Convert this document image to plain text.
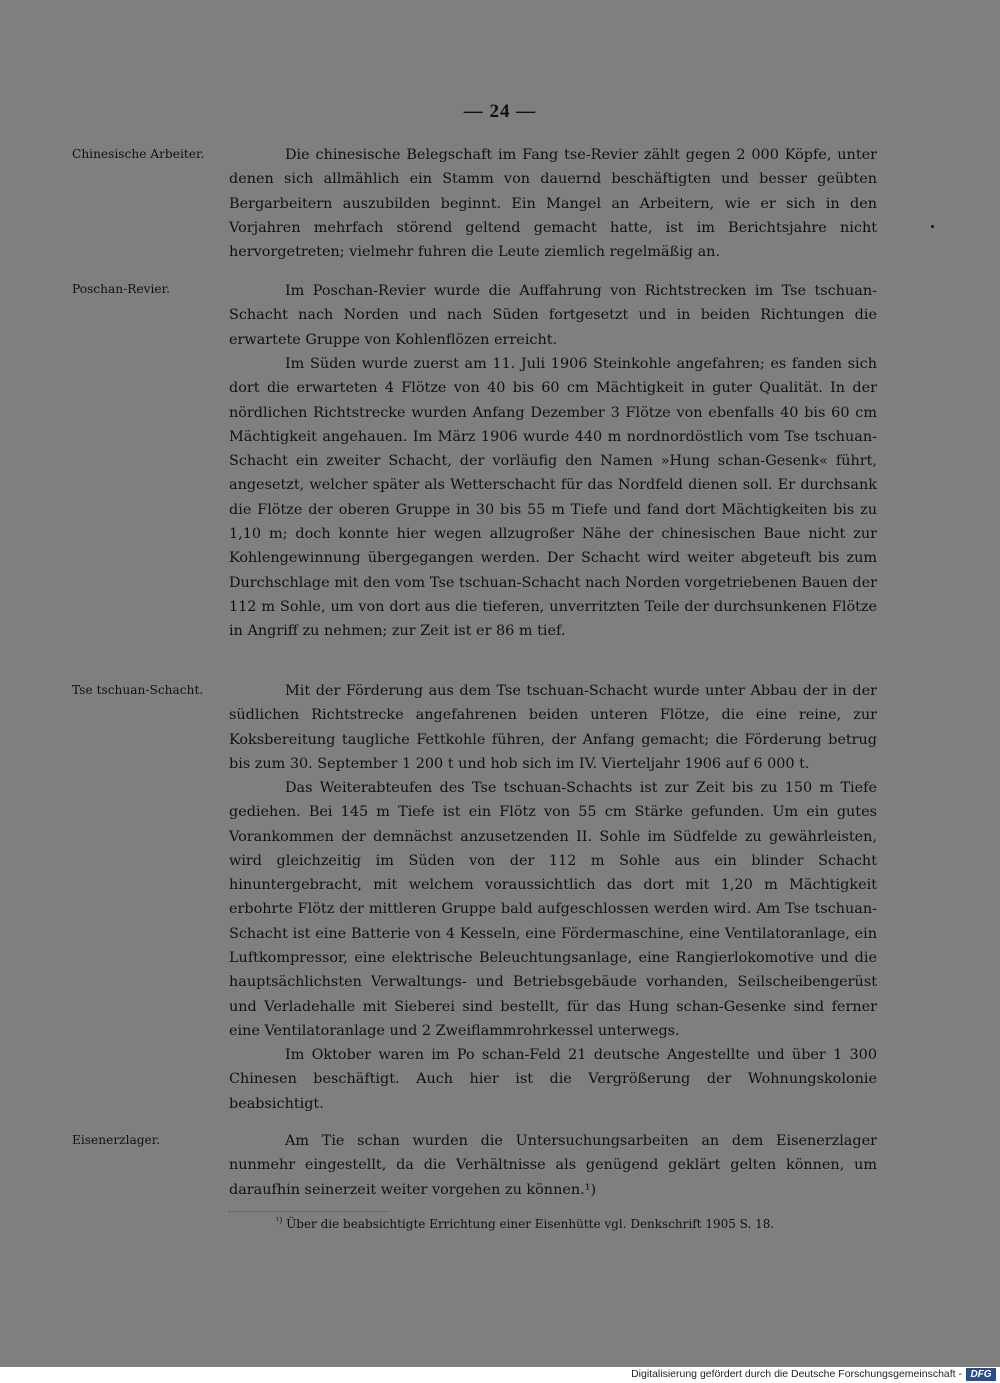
— 24 —
Chinesische Arbeiter.
Poschan-Revier.
Tse tschuan-Schacht.
Eisenerzlager.

Die chinesische Belegschaft im Fang tse-Revier zählt gegen 2 000 Köpfe, unter denen sich allmählich ein Stamm von dauernd beschäftigten und besser geübten Bergarbeitern auszubilden beginnt. Ein Mangel an Arbeitern, wie er sich in den Vorjahren mehrfach störend geltend gemacht hatte, ist im Berichtsjahre nicht hervorgetreten; vielmehr fuhren die Leute ziemlich regelmäßig an.

Im Poschan-Revier wurde die Auffahrung von Richtstrecken im Tse tschuan-Schacht nach Norden und nach Süden fortgesetzt und in beiden Richtungen die erwartete Gruppe von Kohlenflözen erreicht.

Im Süden wurde zuerst am 11. Juli 1906 Steinkohle angefahren; es fanden sich dort die erwarteten 4 Flötze von 40 bis 60 cm Mächtigkeit in guter Qualität. In der nördlichen Richtstrecke wurden Anfang Dezember 3 Flötze von ebenfalls 40 bis 60 cm Mächtigkeit angehauen. Im März 1906 wurde 440 m nordnordöstlich vom Tse tschuan-Schacht ein zweiter Schacht, der vorläufig den Namen »Hung schan-Gesenk« führt, angesetzt, welcher später als Wetterschacht für das Nordfeld dienen soll. Er durchsank die Flötze der oberen Gruppe in 30 bis 55 m Tiefe und fand dort Mächtigkeiten bis zu 1,10 m; doch konnte hier wegen allzugroßer Nähe der chinesischen Baue nicht zur Kohlengewinnung übergegangen werden. Der Schacht wird weiter abgeteuft bis zum Durchschlage mit den vom Tse tschuan-Schacht nach Norden vorgetriebenen Bauen der 112 m Sohle, um von dort aus die tieferen, unverritzten Teile der durchsunkenen Flötze in Angriff zu nehmen; zur Zeit ist er 86 m tief.

Mit der Förderung aus dem Tse tschuan-Schacht wurde unter Abbau der in der südlichen Richtstrecke angefahrenen beiden unteren Flötze, die eine reine, zur Koksbereitung taugliche Fettkohle führen, der Anfang gemacht; die Förderung betrug bis zum 30. September 1 200 t und hob sich im IV. Vierteljahr 1906 auf 6 000 t.

Das Weiterabteufen des Tse tschuan-Schachts ist zur Zeit bis zu 150 m Tiefe gediehen. Bei 145 m Tiefe ist ein Flötz von 55 cm Stärke gefunden. Um ein gutes Vorankommen der demnächst anzusetzenden II. Sohle im Südfelde zu gewährleisten, wird gleichzeitig im Süden von der 112 m Sohle aus ein blinder Schacht hinuntergebracht, mit welchem voraussichtlich das dort mit 1,20 m Mächtigkeit erbohrte Flötz der mittleren Gruppe bald aufgeschlossen werden wird. Am Tse tschuan-Schacht ist eine Batterie von 4 Kesseln, eine Fördermaschine, eine Ventilatoranlage, ein Luftkompressor, eine elektrische Beleuchtungsanlage, eine Rangierlokomotive und die hauptsächlichsten Verwaltungs- und Betriebsgebäude vorhanden, Seilscheibengerüst und Verladehalle mit Sieberei sind bestellt, für das Hung schan-Gesenke sind ferner eine Ventilatoranlage und 2 Zweiflammrohrkessel unterwegs.

Im Oktober waren im Po schan-Feld 21 deutsche Angestellte und über 1 300 Chinesen beschäftigt. Auch hier ist die Vergrößerung der Wohnungskolonie beabsichtigt.

Am Tie schan wurden die Untersuchungsarbeiten an dem Eisenerzlager nunmehr eingestellt, da die Verhältnisse als genügend geklärt gelten können, um daraufhin seinerzeit weiter vorgehen zu können.¹)

$^{^1)}$ Über die beabsichtigte Errichtung einer Eisenhütte vgl. Denkschrift 1905 S. 18.
Digitalisierung gefördert durch die Deutsche Forschungsgemeinschaft - DFG
